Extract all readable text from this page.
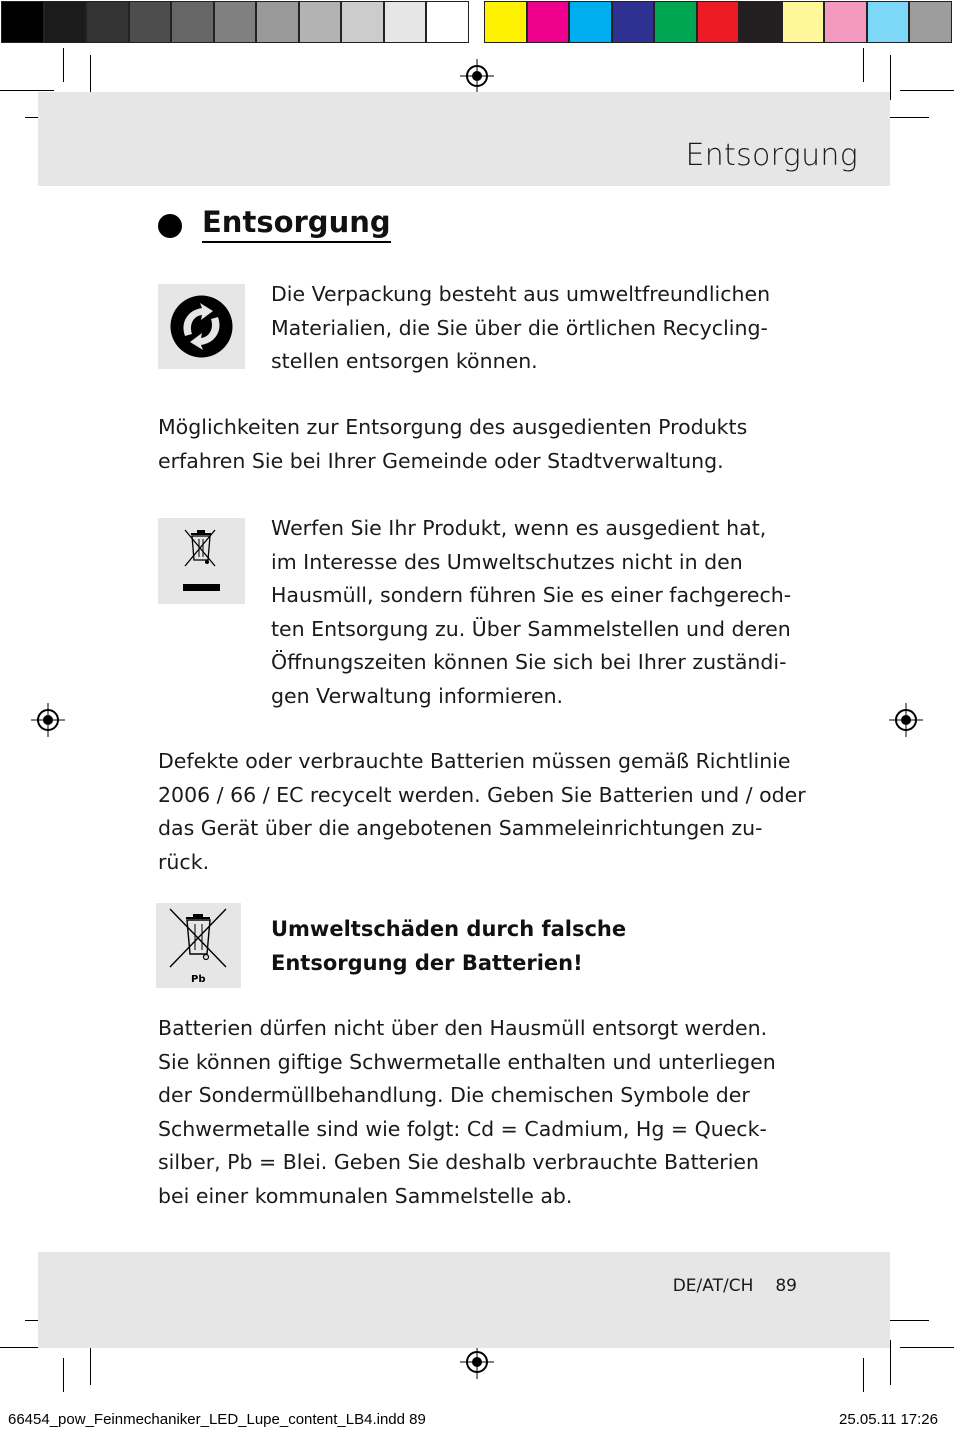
Entsorgung
Entsorgung

Die Verpackung besteht aus umweltfreundlichen
Materialien, die Sie über die örtlichen Recycling-
stellen entsorgen können.

Möglichkeiten zur Entsorgung des ausgedienten Produkts
erfahren Sie bei Ihrer Gemeinde oder Stadtverwaltung.

Werfen Sie Ihr Produkt, wenn es ausgedient hat,
im Interesse des Umweltschutzes nicht in den
Hausmüll, sondern führen Sie es einer fachgerech-
ten Entsorgung zu. Über Sammelstellen und deren
Öffnungszeiten können Sie sich bei Ihrer zuständi-
gen Verwaltung informieren.

Defekte oder verbrauchte Batterien müssen gemäß Richtlinie
2006 / 66 / EC recycelt werden. Geben Sie Batterien und / oder
das Gerät über die angebotenen Sammeleinrichtungen zu-
rück.

Pb
Umweltschäden durch falsche
Entsorgung der Batterien!

Batterien dürfen nicht über den Hausmüll entsorgt werden.
Sie können giftige Schwermetalle enthalten und unterliegen
der Sondermüllbehandlung. Die chemischen Symbole der
Schwermetalle sind wie folgt: Cd = Cadmium, Hg = Queck-
silber, Pb = Blei. Geben Sie deshalb verbrauchte Batterien
bei einer kommunalen Sammelstelle ab.

DE/AT/CH 89
66454_pow_Feinmechaniker_LED_Lupe_content_LB4.indd 89	25.05.11 17:26
